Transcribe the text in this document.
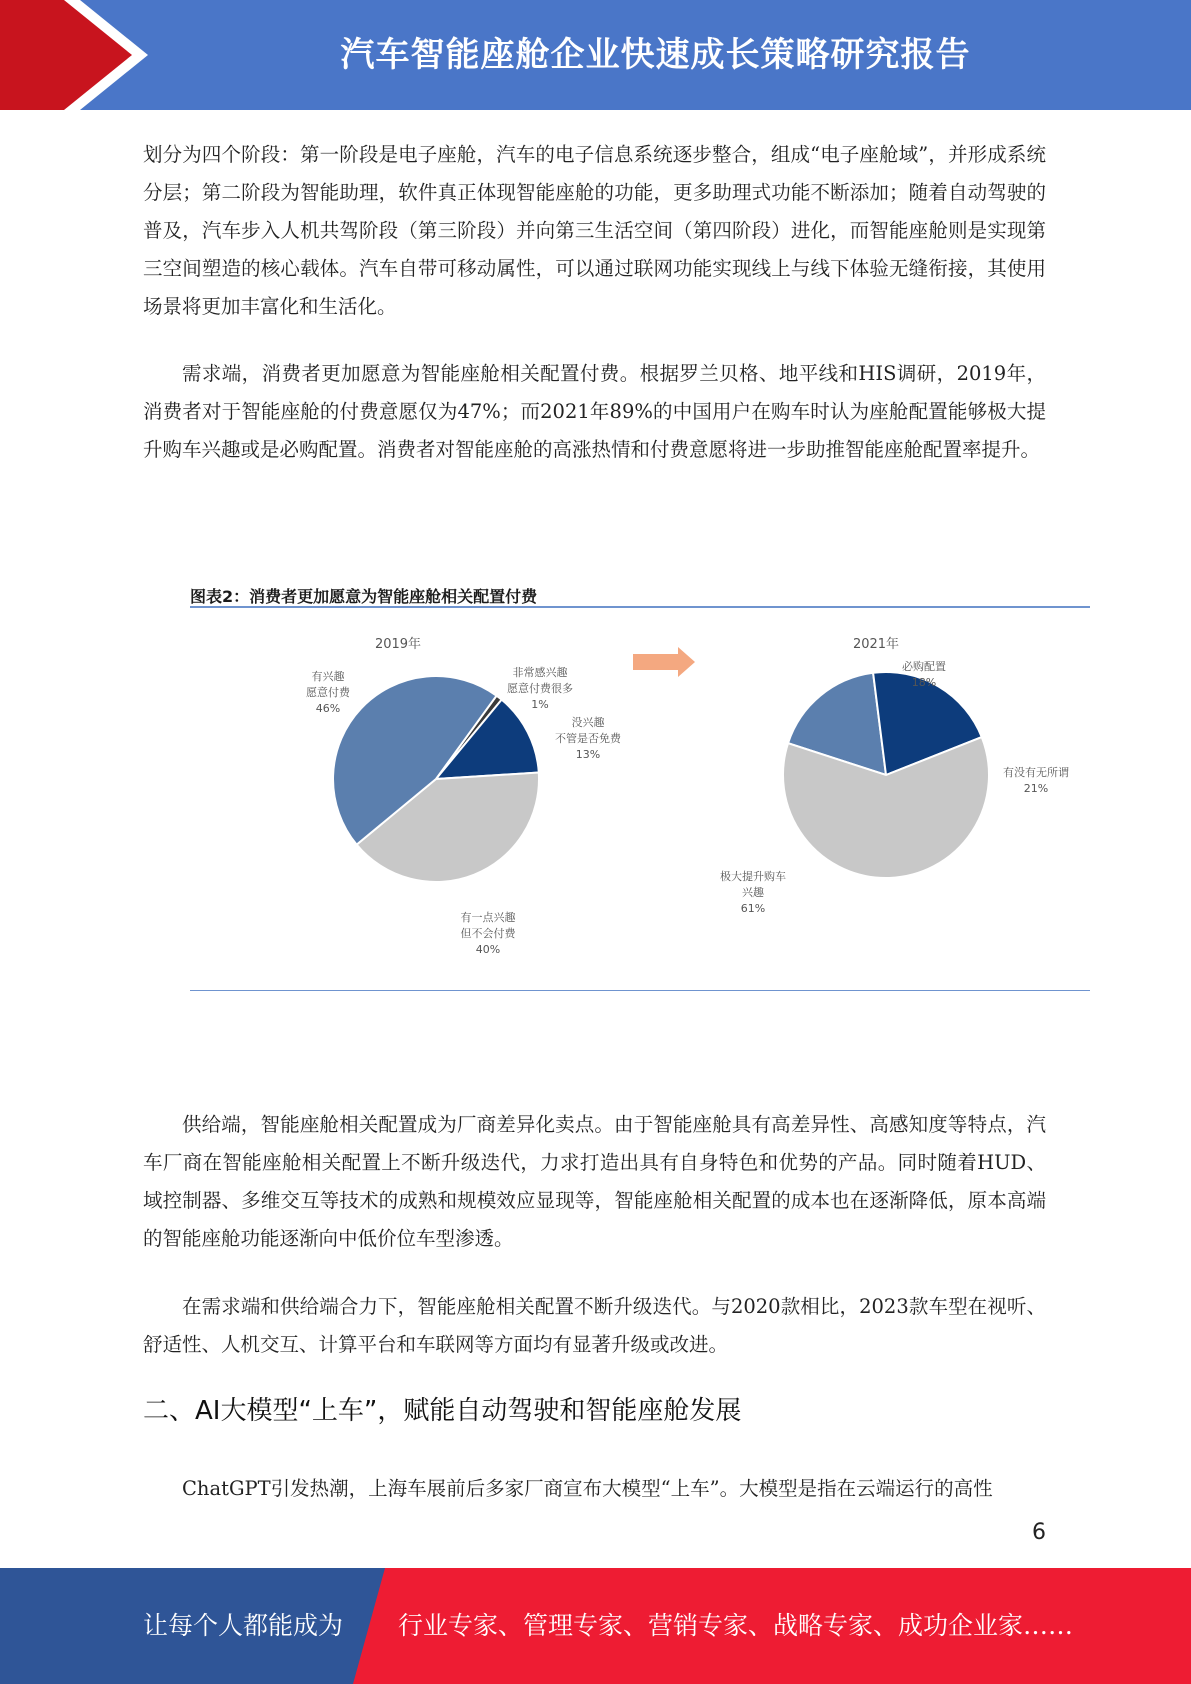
汽车智能座舱企业快速成长策略研究报告

划分为四个阶段：第一阶段是电子座舱，汽车的电子信息系统逐步整合，组成“电子座舱域”，并形成系统分层；第二阶段为智能助理，软件真正体现智能座舱的功能，更多助理式功能不断添加；随着自动驾驶的普及，汽车步入人机共驾阶段（第三阶段）并向第三生活空间（第四阶段）进化，而智能座舱则是实现第三空间塑造的核心载体。汽车自带可移动属性，可以通过联网功能实现线上与线下体验无缝衔接，其使用场景将更加丰富化和生活化。

需求端，消费者更加愿意为智能座舱相关配置付费。根据罗兰贝格、地平线和HIS调研，2019年，消费者对于智能座舱的付费意愿仅为47%；而2021年89%的中国用户在购车时认为座舱配置能够极大提升购车兴趣或是必购配置。消费者对智能座舱的高涨热情和付费意愿将进一步助推智能座舱配置率提升。

图表2：消费者更加愿意为智能座舱相关配置付费
2019年	2021年
非常感兴趣愿意付费很多 1%
没兴趣不管是否免费 13%
有一点兴趣但不会付费 40%
有兴趣愿意付费 46%
必购配置 18%
有没有无所谓 21%
极大提升购车兴趣 61%

供给端，智能座舱相关配置成为厂商差异化卖点。由于智能座舱具有高差异性、高感知度等特点，汽车厂商在智能座舱相关配置上不断升级迭代，力求打造出具有自身特色和优势的产品。同时随着HUD、域控制器、多维交互等技术的成熟和规模效应显现等，智能座舱相关配置的成本也在逐渐降低，原本高端的智能座舱功能逐渐向中低价位车型渗透。

在需求端和供给端合力下，智能座舱相关配置不断升级迭代。与2020款相比，2023款车型在视听、舒适性、人机交互、计算平台和车联网等方面均有显著升级或改进。

二、AI大模型“上车”，赋能自动驾驶和智能座舱发展

ChatGPT引发热潮，上海车展前后多家厂商宣布大模型“上车”。大模型是指在云端运行的高性

6
让每个人都能成为 行业专家、管理专家、营销专家、战略专家、成功企业家……
